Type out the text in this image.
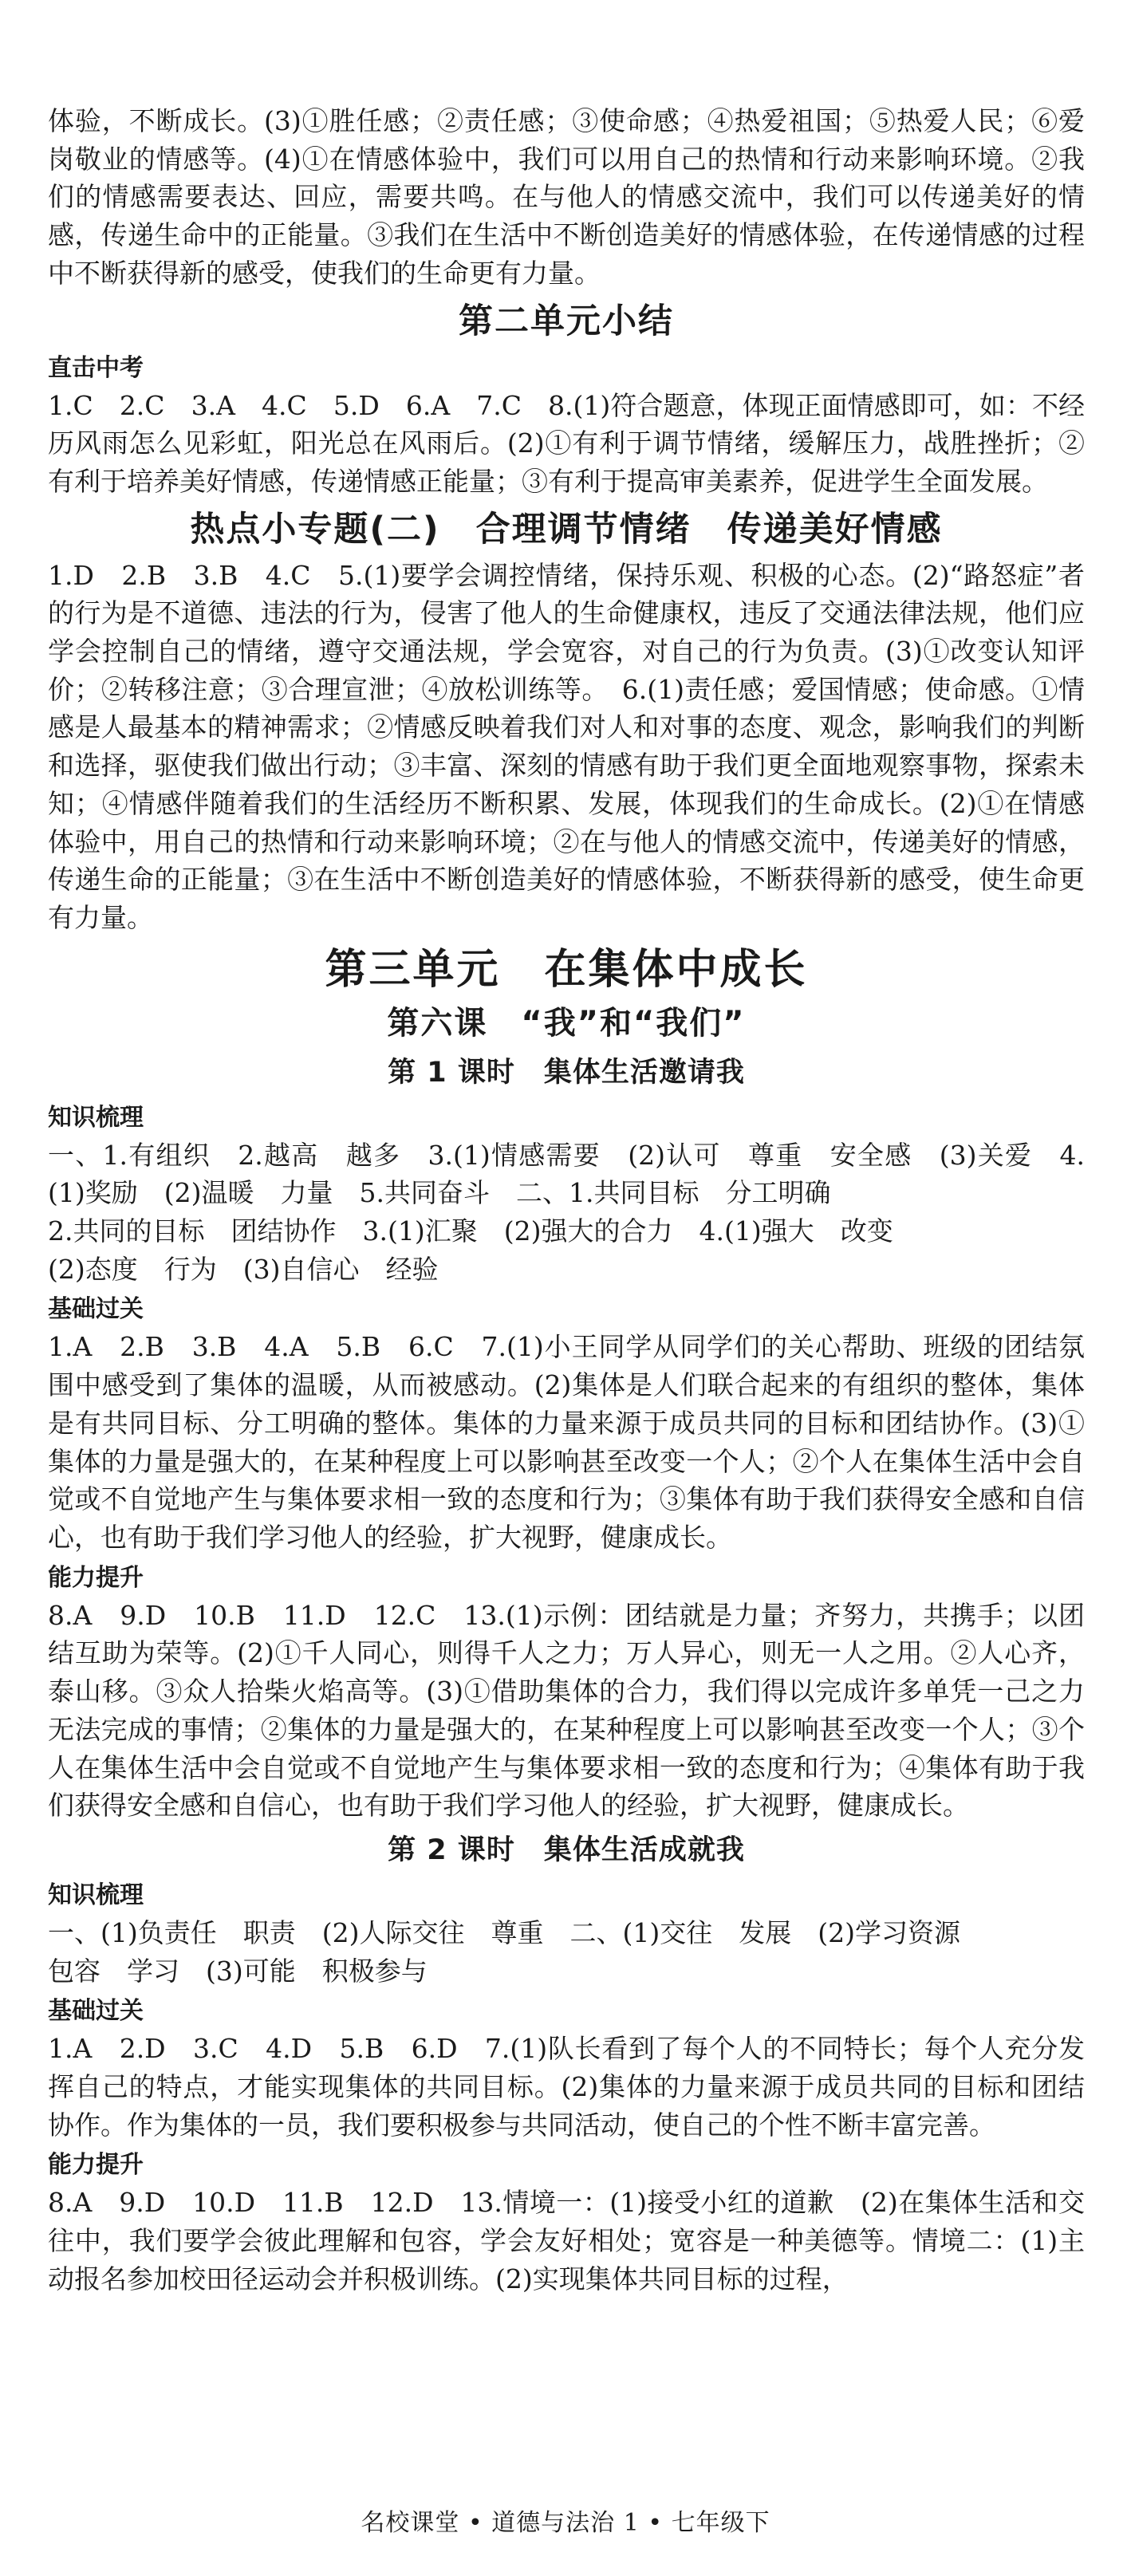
体验，不断成长。(3)①胜任感；②责任感；③使命感；④热爱祖国；⑤热爱人民；⑥爱岗敬业的情感等。(4)①在情感体验中，我们可以用自己的热情和行动来影响环境。②我们的情感需要表达、回应，需要共鸣。在与他人的情感交流中，我们可以传递美好的情感，传递生命中的正能量。③我们在生活中不断创造美好的情感体验，在传递情感的过程中不断获得新的感受，使我们的生命更有力量。

第二单元小结
直击中考

1.C　2.C　3.A　4.C　5.D　6.A　7.C　8.(1)符合题意，体现正面情感即可，如：不经历风雨怎么见彩虹，阳光总在风雨后。(2)①有利于调节情绪，缓解压力，战胜挫折；②有利于培养美好情感，传递情感正能量；③有利于提高审美素养，促进学生全面发展。

热点小专题(二)　合理调节情绪　传递美好情感

1.D　2.B　3.B　4.C　5.(1)要学会调控情绪，保持乐观、积极的心态。(2)“路怒症”者的行为是不道德、违法的行为，侵害了他人的生命健康权，违反了交通法律法规，他们应学会控制自己的情绪，遵守交通法规，学会宽容，对自己的行为负责。(3)①改变认知评价；②转移注意；③合理宣泄；④放松训练等。　6.(1)责任感；爱国情感；使命感。①情感是人最基本的精神需求；②情感反映着我们对人和对事的态度、观念，影响我们的判断和选择，驱使我们做出行动；③丰富、深刻的情感有助于我们更全面地观察事物，探索未知；④情感伴随着我们的生活经历不断积累、发展，体现我们的生命成长。(2)①在情感体验中，用自己的热情和行动来影响环境；②在与他人的情感交流中，传递美好的情感，传递生命的正能量；③在生活中不断创造美好的情感体验，不断获得新的感受，使生命更有力量。

第三单元　在集体中成长
第六课　“我”和“我们”
第 1 课时　集体生活邀请我
知识梳理

一、1.有组织　2.越高　越多　3.(1)情感需要　(2)认可　尊重　安全感　(3)关爱　4.(1)奖励　(2)温暖　力量　5.共同奋斗　二、1.共同目标　分工明确

2.共同的目标　团结协作　3.(1)汇聚　(2)强大的合力　4.(1)强大　改变

(2)态度　行为　(3)自信心　经验

基础过关

1.A　2.B　3.B　4.A　5.B　6.C　7.(1)小王同学从同学们的关心帮助、班级的团结氛围中感受到了集体的温暖，从而被感动。(2)集体是人们联合起来的有组织的整体，集体是有共同目标、分工明确的整体。集体的力量来源于成员共同的目标和团结协作。(3)①集体的力量是强大的，在某种程度上可以影响甚至改变一个人；②个人在集体生活中会自觉或不自觉地产生与集体要求相一致的态度和行为；③集体有助于我们获得安全感和自信心，也有助于我们学习他人的经验，扩大视野，健康成长。

能力提升

8.A　9.D　10.B　11.D　12.C　13.(1)示例：团结就是力量；齐努力，共携手；以团结互助为荣等。(2)①千人同心，则得千人之力；万人异心，则无一人之用。②人心齐，泰山移。③众人拾柴火焰高等。(3)①借助集体的合力，我们得以完成许多单凭一己之力无法完成的事情；②集体的力量是强大的，在某种程度上可以影响甚至改变一个人；③个人在集体生活中会自觉或不自觉地产生与集体要求相一致的态度和行为；④集体有助于我们获得安全感和自信心，也有助于我们学习他人的经验，扩大视野，健康成长。

第 2 课时　集体生活成就我
知识梳理

一、(1)负责任　职责　(2)人际交往　尊重　二、(1)交往　发展　(2)学习资源

包容　学习　(3)可能　积极参与

基础过关

1.A　2.D　3.C　4.D　5.B　6.D　7.(1)队长看到了每个人的不同特长；每个人充分发挥自己的特点，才能实现集体的共同目标。(2)集体的力量来源于成员共同的目标和团结协作。作为集体的一员，我们要积极参与共同活动，使自己的个性不断丰富完善。

能力提升

8.A　9.D　10.D　11.B　12.D　13.情境一：(1)接受小红的道歉　(2)在集体生活和交往中，我们要学会彼此理解和包容，学会友好相处；宽容是一种美德等。情境二：(1)主动报名参加校田径运动会并积极训练。(2)实现集体共同目标的过程，

名校课堂 • 道德与法治 1 • 七年级下
